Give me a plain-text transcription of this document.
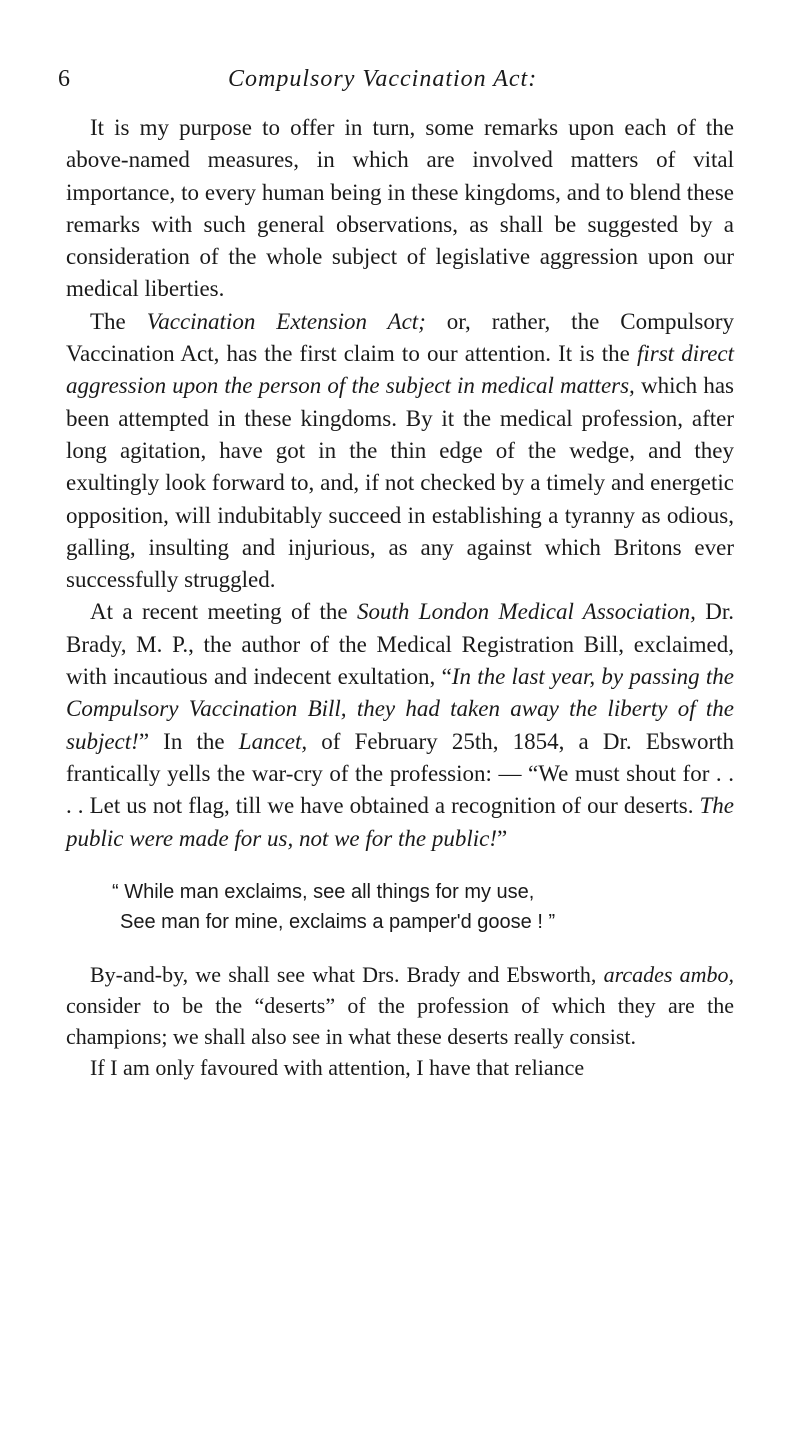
6	Compulsory Vaccination Act:

It is my purpose to offer in turn, some remarks upon each of the above-named measures, in which are involved matters of vital importance, to every human being in these kingdoms, and to blend these remarks with such general observations, as shall be suggested by a consideration of the whole subject of legislative aggression upon our medical liberties.

The Vaccination Extension Act; or, rather, the Compulsory Vaccination Act, has the first claim to our attention. It is the first direct aggression upon the person of the subject in medical matters, which has been attempted in these kingdoms. By it the medical profession, after long agitation, have got in the thin edge of the wedge, and they exultingly look forward to, and, if not checked by a timely and energetic opposition, will indubitably succeed in establishing a tyranny as odious, galling, insulting and injurious, as any against which Britons ever successfully struggled.

At a recent meeting of the South London Medical Association, Dr. Brady, M. P., the author of the Medical Registration Bill, exclaimed, with incautious and indecent exultation, “In the last year, by passing the Compulsory Vaccination Bill, they had taken away the liberty of the subject!” In the Lancet, of February 25th, 1854, a Dr. Ebsworth frantically yells the war-cry of the profession: — “We must shout for . . . . Let us not flag, till we have obtained a recognition of our deserts. The public were made for us, not we for the public!”

“ While man exclaims, see all things for my use,
See man for mine, exclaims a pamper'd goose ! ”

By-and-by, we shall see what Drs. Brady and Ebsworth, arcades ambo, consider to be the “deserts” of the profession of which they are the champions; we shall also see in what these deserts really consist.

If I am only favoured with attention, I have that reliance
